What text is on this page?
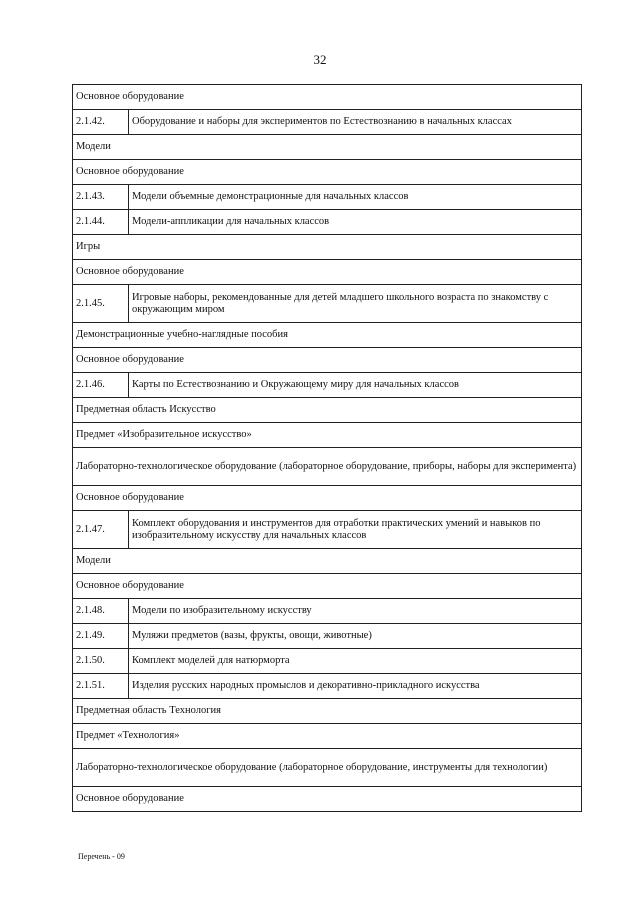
32
Основное оборудование	
2.1.42.	Оборудование и наборы для экспериментов по Естествознанию в начальных классах
Модели	
Основное оборудование	
2.1.43.	Модели объемные демонстрационные для начальных классов
2.1.44.	Модели-аппликации для начальных классов
Игры	
Основное оборудование	
2.1.45.	Игровые наборы, рекомендованные для детей младшего школьного возраста по знакомству с окружающим миром
Демонстрационные учебно-наглядные пособия	
Основное оборудование	
2.1.46.	Карты по Естествознанию и Окружающему миру для начальных классов
Предметная область Искусство	
Предмет «Изобразительное искусство»	
Лабораторно-технологическое оборудование (лабораторное оборудование, приборы, наборы для эксперимента)	
Основное оборудование	
2.1.47.	Комплект оборудования и инструментов для отработки практических умений и навыков по изобразительному искусству для начальных классов
Модели	
Основное оборудование	
2.1.48.	Модели по изобразительному искусству
2.1.49.	Муляжи предметов (вазы, фрукты, овощи, животные)
2.1.50.	Комплект моделей для натюрморта
2.1.51.	Изделия русских народных промыслов и декоративно-прикладного искусства
Предметная область Технология	
Предмет «Технология»	
Лабораторно-технологическое оборудование (лабораторное оборудование, инструменты для технологии)	
Основное оборудование	
Перечень - 09
